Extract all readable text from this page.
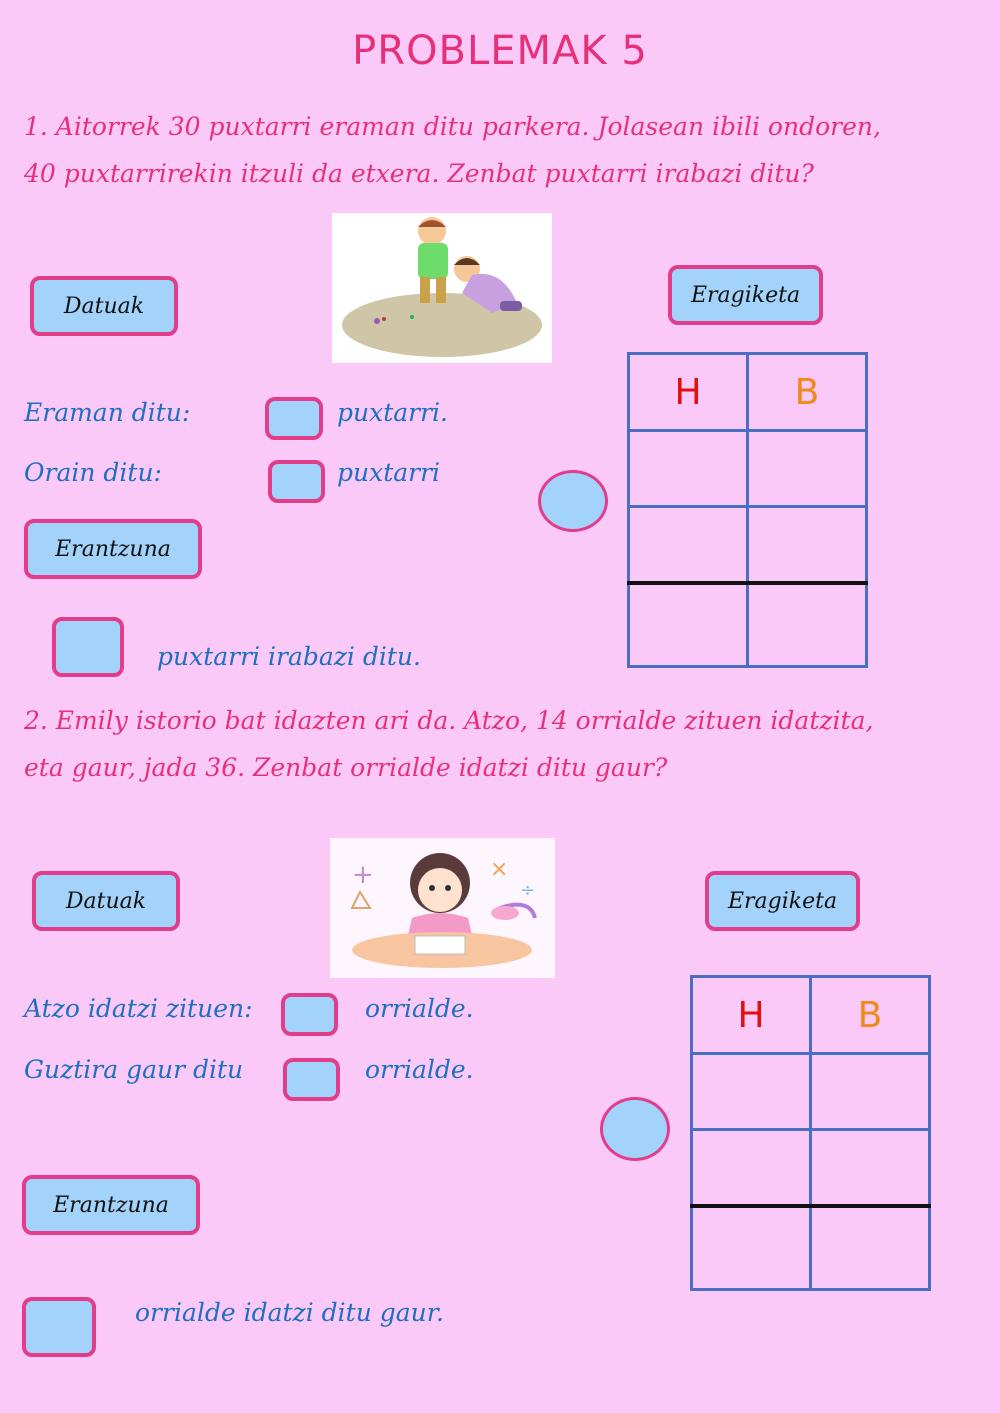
PROBLEMAK 5
1. Aitorrek 30 puxtarri eraman ditu parkera. Jolasean ibili ondoren,
40 puxtarrirekin itzuli da etxera. Zenbat puxtarri irabazi ditu?
Datuak	Eragiketa
Eraman ditu:	puxtarri.
Orain ditu:	puxtarri
H	B

Erantzuna
puxtarri irabazi ditu.
2. Emily istorio bat idazten ari da. Atzo, 14 orrialde zituen idatzita,
eta gaur, jada 36. Zenbat orrialde idatzi ditu gaur?
Datuak
+	×
÷	Eragiketa
Atzo idatzi zituen:	orrialde.
Guztira gaur ditu	orrialde.
H	B

Erantzuna
orrialde idatzi ditu gaur.
